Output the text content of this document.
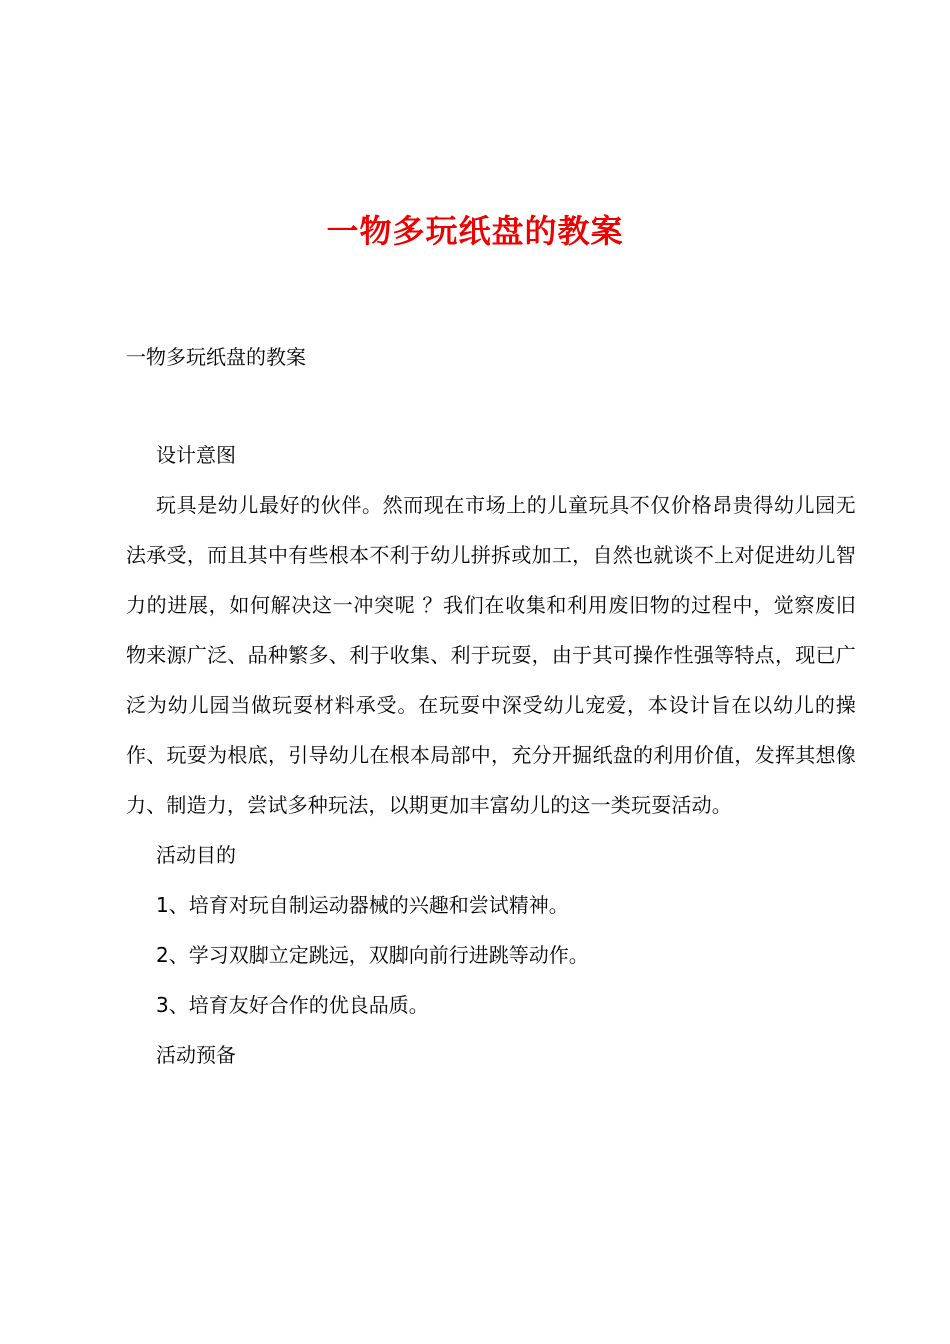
一物多玩纸盘的教案
一物多玩纸盘的教案

设计意图

玩具是幼儿最好的伙伴。然而现在市场上的儿童玩具不仅价格昂贵得幼儿园无法承受，而且其中有些根本不利于幼儿拼拆或加工，自然也就谈不上对促进幼儿智力的进展，如何解决这一冲突呢 ？我们在收集和利用废旧物的过程中，觉察废旧物来源广泛、品种繁多、利于收集、利于玩耍，由于其可操作性强等特点，现已广泛为幼儿园当做玩耍材料承受。在玩耍中深受幼儿宠爱，本设计旨在以幼儿的操作、玩耍为根底，引导幼儿在根本局部中，充分开掘纸盘的利用价值，发挥其想像力、制造力，尝试多种玩法，以期更加丰富幼儿的这一类玩耍活动。

活动目的

1、培育对玩自制运动器械的兴趣和尝试精神。

2、学习双脚立定跳远，双脚向前行进跳等动作。

3、培育友好合作的优良品质。

活动预备
